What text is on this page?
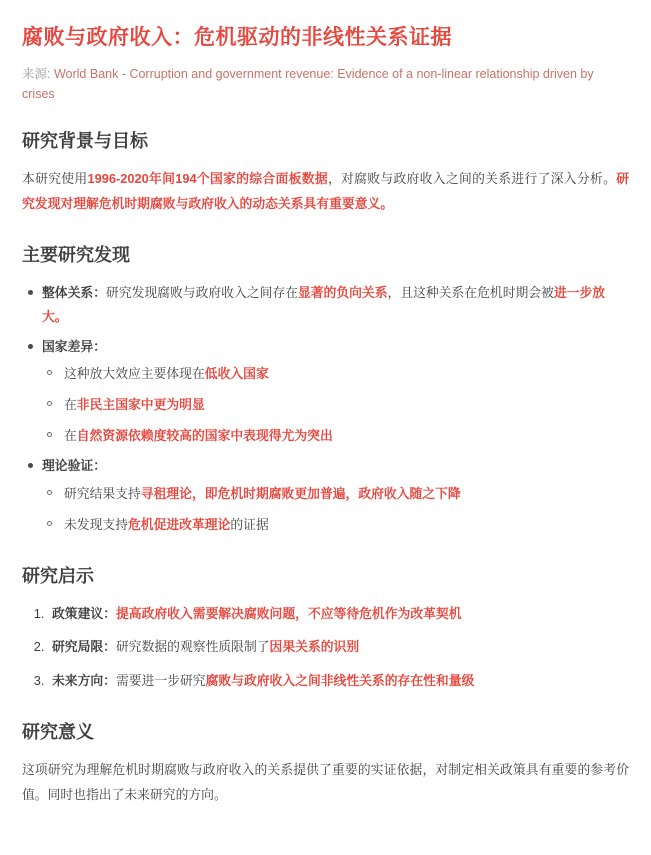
腐败与政府收入：危机驱动的非线性关系证据

来源: World Bank - Corruption and government revenue: Evidence of a non-linear relationship driven by crises

研究背景与目标

本研究使用1996-2020年间194个国家的综合面板数据，对腐败与政府收入之间的关系进行了深入分析。研究发现对理解危机时期腐败与政府收入的动态关系具有重要意义。

主要研究发现
整体关系：研究发现腐败与政府收入之间存在显著的负向关系，且这种关系在危机时期会被进一步放大。
国家差异：
这种放大效应主要体现在低收入国家
在非民主国家中更为明显
在自然资源依赖度较高的国家中表现得尤为突出
理论验证：
研究结果支持寻租理论，即危机时期腐败更加普遍，政府收入随之下降
未发现支持危机促进改革理论的证据
研究启示
1. 政策建议：提高政府收入需要解决腐败问题，不应等待危机作为改革契机
2. 研究局限：研究数据的观察性质限制了因果关系的识别
3. 未来方向：需要进一步研究腐败与政府收入之间非线性关系的存在性和量级
研究意义

这项研究为理解危机时期腐败与政府收入的关系提供了重要的实证依据，对制定相关政策具有重要的参考价值。同时也指出了未来研究的方向。
